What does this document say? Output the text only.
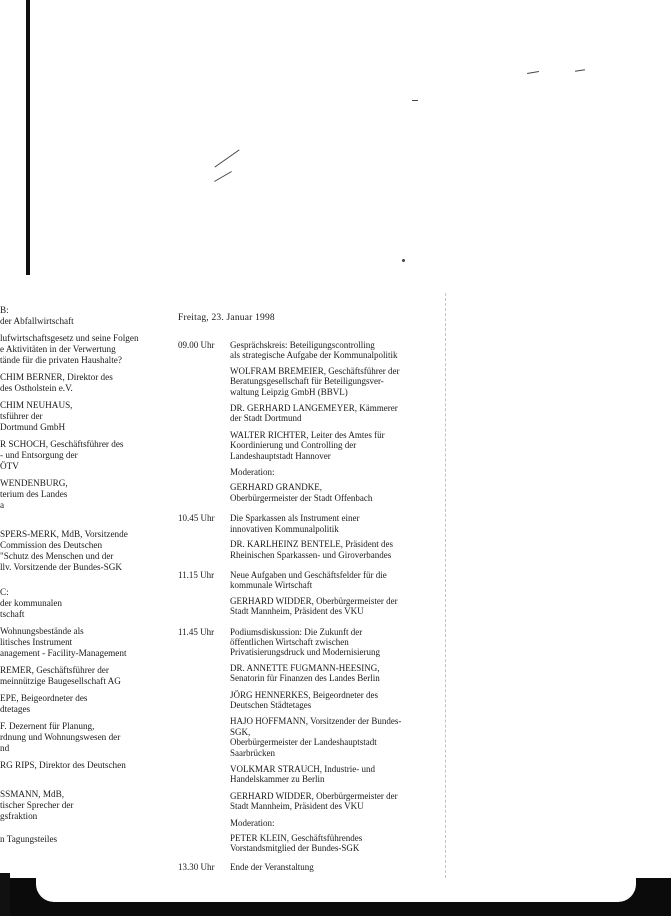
B:
der Abfallwirtschaft
lufwirtschaftsgesetz und seine Folgen
e Aktivitäten in der Verwertung
tände für die privaten Haushalte?
CHIM BERNER, Direktor des
des Ostholstein e.V.
CHIM NEUHAUS,
tsführer der
Dortmund GmbH
R SCHOCH, Geschäftsführer des
- und Entsorgung der
ÖTV
WENDENBURG,
terium des Landes
a
SPERS-MERK, MdB, Vorsitzende
Commission des Deutschen
"Schutz des Menschen und der
llv. Vorsitzende der Bundes-SGK
C:
der kommunalen
tschaft
Wohnungsbestände als
litisches Instrument
anagement - Facility-Management
REMER, Geschäftsführer der
meinnützige Baugesellschaft AG
EPE, Beigeordneter des
dtetages
F. Dezernent für Planung,
rdnung und Wohnungswesen der
nd
RG RIPS, Direktor des Deutschen
SSMANN, MdB,
tischer Sprecher der
gsfraktion
n Tagungsteiles
Freitag, 23. Januar 1998
09.00 Uhr	Gesprächskreis: Beteiligungscontrolling
als strategische Aufgabe der Kommunalpolitik
WOLFRAM BREMEIER, Geschäftsführer der
Beratungsgesellschaft für Beteiligungsver-
waltung Leipzig GmbH (BBVL)
DR. GERHARD LANGEMEYER, Kämmerer
der Stadt Dortmund
WALTER RICHTER, Leiter des Amtes für
Koordinierung und Controlling der
Landeshauptstadt Hannover
Moderation:
GERHARD GRANDKE,
Oberbürgermeister der Stadt Offenbach
10.45 Uhr	Die Sparkassen als Instrument einer
innovativen Kommunalpolitik
DR. KARLHEINZ BENTELE, Präsident des
Rheinischen Sparkassen- und Giroverbandes
11.15 Uhr	Neue Aufgaben und Geschäftsfelder für die
kommunale Wirtschaft
GERHARD WIDDER, Oberbürgermeister der
Stadt Mannheim, Präsident des VKU
11.45 Uhr	Podiumsdiskussion: Die Zukunft der
öffentlichen Wirtschaft zwischen
Privatisierungsdruck und Modernisierung
DR. ANNETTE FUGMANN-HEESING,
Senatorin für Finanzen des Landes Berlin
JÖRG HENNERKES, Beigeordneter des
Deutschen Städtetages
HAJO HOFFMANN, Vorsitzender der Bundes-SGK,
Oberbürgermeister der Landeshauptstadt
Saarbrücken
VOLKMAR STRAUCH, Industrie- und
Handelskammer zu Berlin
GERHARD WIDDER, Oberbürgermeister der
Stadt Mannheim, Präsident des VKU
Moderation:
PETER KLEIN, Geschäftsführendes
Vorstandsmitglied der Bundes-SGK
13.30 Uhr Ende der Veranstaltung
